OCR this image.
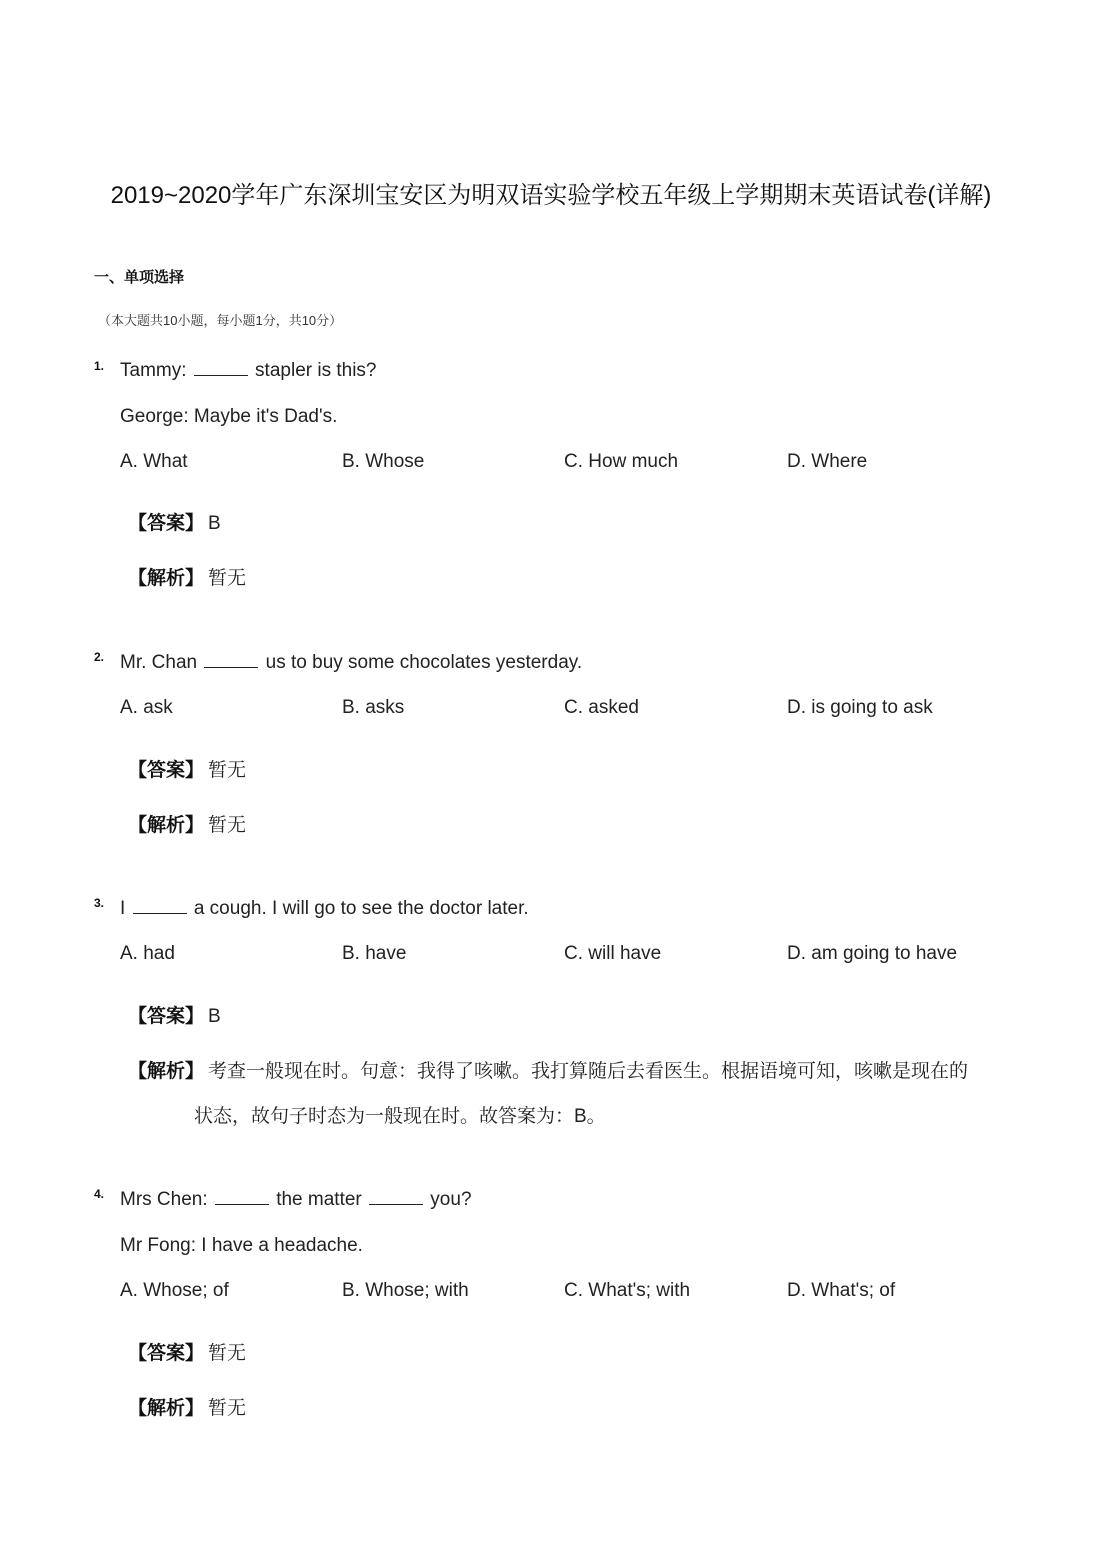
2019~2020学年广东深圳宝安区为明双语实验学校五年级上学期期末英语试卷(详解)
一、单项选择
（本大题共10小题，每小题1分，共10分）
1. Tammy:	stapler is this?
George: Maybe it's Dad's.
A. What	B. Whose	C. How much	D. Where
【答案】 B
【解析】 暂无
2. Mr. Chan	us to buy some chocolates yesterday.
A. ask	B. asks	C. asked	D. is going to ask
【答案】 暂无
【解析】 暂无
3. I	a cough. I will go to see the doctor later.
A. had	B. have	C. will have	D. am going to have
【答案】 B
【解析】 考查一般现在时。句意：我得了咳嗽。我打算随后去看医生。根据语境可知，咳嗽是现在的
状态，故句子时态为一般现在时。故答案为：B。
4. Mrs Chen:	the matter	you?
Mr Fong: I have a headache.
A. Whose; of	B. Whose; with	C. What's; with	D. What's; of
【答案】 暂无
【解析】 暂无
